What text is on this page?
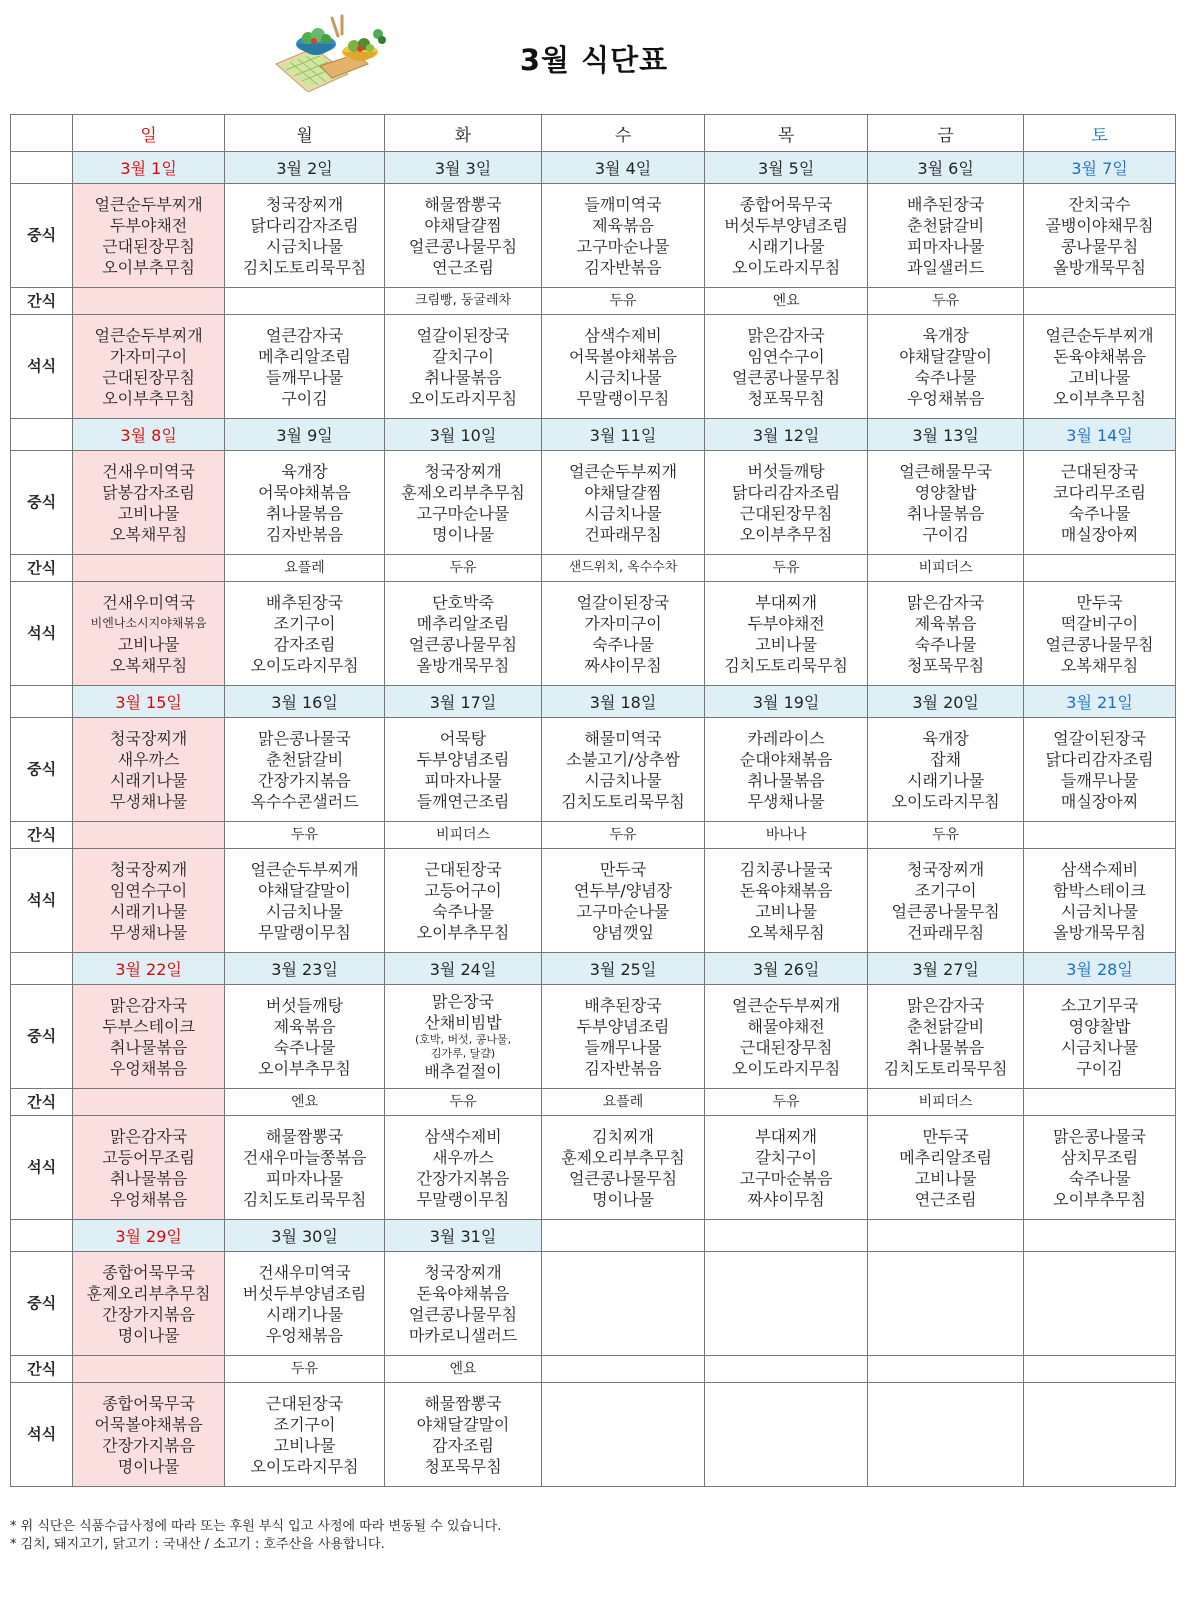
3월 식단표
	일	월	화	수	목	금	토
	3월 1일	3월 2일	3월 3일	3월 4일	3월 5일	3월 6일	3월 7일
중식	얼큰순두부찌개
두부야채전
근대된장무침
오이부추무침	청국장찌개
닭다리감자조림
시금치나물
김치도토리묵무침	해물짬뽕국
야채달걀찜
얼큰콩나물무침
연근조림	들깨미역국
제육볶음
고구마순나물
김자반볶음	종합어묵무국
버섯두부양념조림
시래기나물
오이도라지무침	배추된장국
춘천닭갈비
피마자나물
과일샐러드	잔치국수
골뱅이야채무침
콩나물무침
올방개묵무침

간식			크림빵, 둥굴레차	두유	엔요	두유	
석식	얼큰순두부찌개
가자미구이
근대된장무침
오이부추무침	얼큰감자국
메추리알조림
들깨무나물
구이김	얼갈이된장국
갈치구이
취나물볶음
오이도라지무침	삼색수제비
어묵볼야채볶음
시금치나물
무말랭이무침	맑은감자국
임연수구이
얼큰콩나물무침
청포묵무침	육개장
야채달걀말이
숙주나물
우엉채볶음	얼큰순두부찌개
돈육야채볶음
고비나물
오이부추무침

	3월 8일	3월 9일	3월 10일	3월 11일	3월 12일	3월 13일	3월 14일
중식	건새우미역국
닭봉감자조림
고비나물
오복채무침	육개장
어묵야채볶음
취나물볶음
김자반볶음	청국장찌개
훈제오리부추무침
고구마순나물
명이나물	얼큰순두부찌개
야채달걀찜
시금치나물
건파래무침	버섯들깨탕
닭다리감자조림
근대된장무침
오이부추무침	얼큰해물무국
영양찰밥
취나물볶음
구이김	근대된장국
코다리무조림
숙주나물
매실장아찌

간식		요플레	두유	샌드위치, 옥수수차	두유	비피더스	
석식	건새우미역국
비엔나소시지야채볶음
고비나물
오복채무침	배추된장국
조기구이
감자조림
오이도라지무침	단호박죽
메추리알조림
얼큰콩나물무침
올방개묵무침	얼갈이된장국
가자미구이
숙주나물
짜샤이무침	부대찌개
두부야채전
고비나물
김치도토리묵무침	맑은감자국
제육볶음
숙주나물
청포묵무침	만두국
떡갈비구이
얼큰콩나물무침
오복채무침

	3월 15일	3월 16일	3월 17일	3월 18일	3월 19일	3월 20일	3월 21일
중식	청국장찌개
새우까스
시래기나물
무생채나물	맑은콩나물국
춘천닭갈비
간장가지볶음
옥수수콘샐러드	어묵탕
두부양념조림
피마자나물
들깨연근조림	해물미역국
소불고기/상추쌈
시금치나물
김치도토리묵무침	카레라이스
순대야채볶음
취나물볶음
무생채나물	육개장
잡채
시래기나물
오이도라지무침	얼갈이된장국
닭다리감자조림
들깨무나물
매실장아찌

간식		두유	비피더스	두유	바나나	두유	
석식	청국장찌개
임연수구이
시래기나물
무생채나물	얼큰순두부찌개
야채달걀말이
시금치나물
무말랭이무침	근대된장국
고등어구이
숙주나물
오이부추무침	만두국
연두부/양념장
고구마순나물
양념깻잎	김치콩나물국
돈육야채볶음
고비나물
오복채무침	청국장찌개
조기구이
얼큰콩나물무침
건파래무침	삼색수제비
함박스테이크
시금치나물
올방개묵무침

	3월 22일	3월 23일	3월 24일	3월 25일	3월 26일	3월 27일	3월 28일
중식	맑은감자국
두부스테이크
취나물볶음
우엉채볶음	버섯들깨탕
제육볶음
숙주나물
오이부추무침	맑은장국
산채비빔밥
(호박, 버섯, 콩나물,
김가루, 달걀)
배추겉절이	배추된장국
두부양념조림
들깨무나물
김자반볶음	얼큰순두부찌개
해물야채전
근대된장무침
오이도라지무침	맑은감자국
춘천닭갈비
취나물볶음
김치도토리묵무침	소고기무국
영양찰밥
시금치나물
구이김

간식		엔요	두유	요플레	두유	비피더스	
석식	맑은감자국
고등어무조림
취나물볶음
우엉채볶음	해물짬뽕국
건새우마늘쫑볶음
피마자나물
김치도토리묵무침	삼색수제비
새우까스
간장가지볶음
무말랭이무침	김치찌개
훈제오리부추무침
얼큰콩나물무침
명이나물	부대찌개
갈치구이
고구마순볶음
짜샤이무침	만두국
메추리알조림
고비나물
연근조림	맑은콩나물국
삼치무조림
숙주나물
오이부추무침

	3월 29일	3월 30일	3월 31일				
중식	종합어묵무국
훈제오리부추무침
간장가지볶음
명이나물	건새우미역국
버섯두부양념조림
시래기나물
우엉채볶음	청국장찌개
돈육야채볶음
얼큰콩나물무침
마카로니샐러드				

간식		두유	엔요				
석식	종합어묵무국
어묵볼야채볶음
간장가지볶음
명이나물	근대된장국
조기구이
고비나물
오이도라지무침	해물짬뽕국
야채달걀말이
감자조림
청포묵무침				

* 위 식단은 식품수급사정에 따라 또는 후원 부식 입고 사정에 따라 변동될 수 있습니다.
* 김치, 돼지고기, 닭고기 : 국내산 / 소고기 : 호주산을 사용합니다.
